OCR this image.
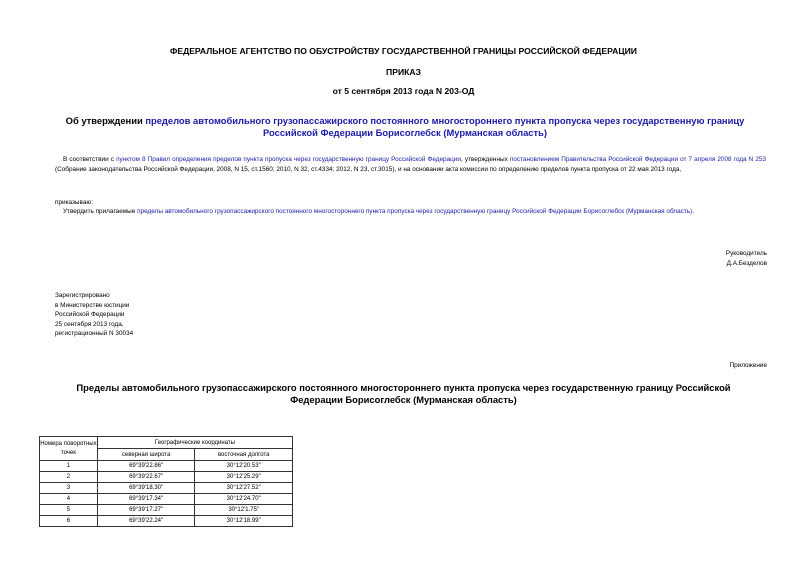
ФЕДЕРАЛЬНОЕ АГЕНТСТВО ПО ОБУСТРОЙСТВУ ГОСУДАРСТВЕННОЙ ГРАНИЦЫ РОССИЙСКОЙ ФЕДЕРАЦИИ
ПРИКАЗ
от 5 сентября 2013 года N 203-ОД
Об утверждении пределов автомобильного грузопассажирского постоянного многостороннего пункта пропуска через государственную границу Российской Федерации Борисоглебск (Мурманская область)
В соответствии с пунктом 8 Правил определения пределов пункта пропуска через государственную границу Российской Федерации, утвержденных постановлением Правительства Российской Федерации от 7 апреля 2008 года N 253 (Собрание законодательства Российской Федерации, 2008, N 15, ст.1560; 2010, N 32, ст.4334; 2012, N 23, ст.3015), и на основании акта комиссии по определению пределов пункта пропуска от 22 мая 2013 года,
приказываю:
Утвердить прилагаемые пределы автомобильного грузопассажирского постоянного многостороннего пункта пропуска через государственную границу Российской Федерации Борисоглебск (Мурманская область).
Руководитель
Д.А.Безделов
Зарегистрировано
в Министерстве юстиции
Российской Федерации
25 сентября 2013 года,
регистрационный N 30034
Приложение
Пределы автомобильного грузопассажирского постоянного многостороннего пункта пропуска через государственную границу Российской Федерации Борисоглебск (Мурманская область)
Номера поворотных точек	Географические координаты	
	северная широта	восточная долгота
1	69°39'22.86"	30°12'20.53"
2	69°39'22.67"	30°12'25.29"
3	69°39'18.30"	30°12'27.52"
4	69°39'17.34"	30°12'24.70"
5	69°39'17.27"	30°12'1.75"
6	69°39'22.24"	30°12'18.99"
